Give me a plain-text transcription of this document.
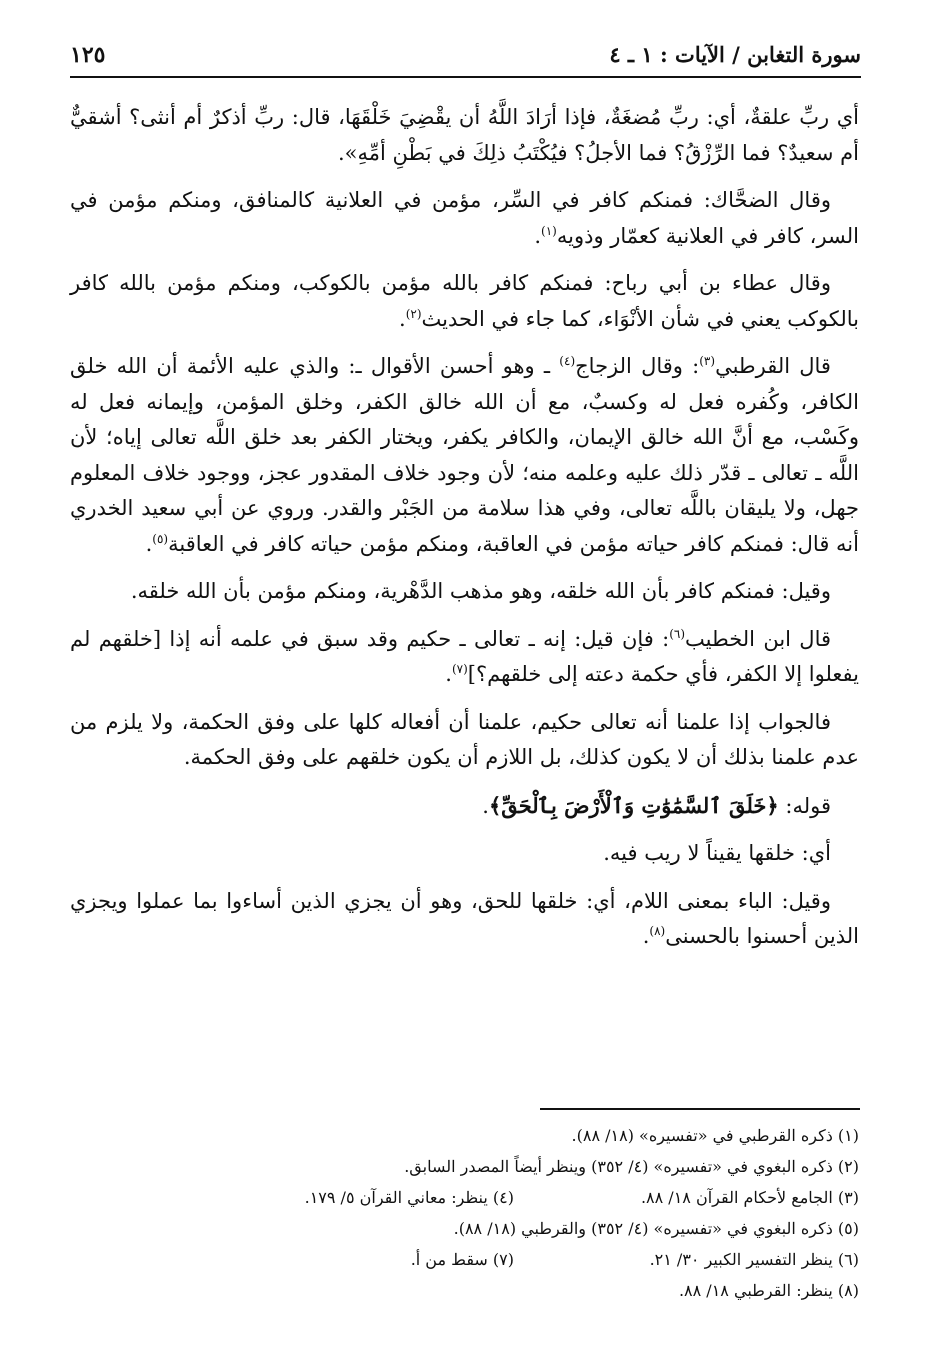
سورة التغابن / الآيات : ١ ـ ٤
١٢٥

أي ربِّ علقةٌ، أي: ربِّ مُضغَةٌ، فإذا أرَادَ اللَّهُ أن يقْضِيَ خَلْقَهَا، قال: ربِّ أذكرٌ أم أنثى؟ أشقيٌّ أم سعيدٌ؟ فما الرِّزْقُ؟ فما الأجلُ؟ فيُكْتَبُ ذلِكَ في بَطْنِ أمِّهِ».

وقال الضحَّاك: فمنكم كافر في السِّر، مؤمن في العلانية كالمنافق، ومنكم مؤمن في السر، كافر في العلانية كعمّار وذويه$^{(١)}$.

وقال عطاء بن أبي رباح: فمنكم كافر بالله مؤمن بالكوكب، ومنكم مؤمن بالله كافر بالكوكب يعني في شأن الأنْوَاء، كما جاء في الحديث$^{(٢)}$.

قال القرطبي$^{(٣)}$: وقال الزجاج$^{(٤)}$ ـ وهو أحسن الأقوال ـ: والذي عليه الأئمة أن الله خلق الكافر، وكُفره فعل له وكسبٌ، مع أن الله خالق الكفر، وخلق المؤمن، وإيمانه فعل له وكَسْب، مع أنَّ الله خالق الإيمان، والكافر يكفر، ويختار الكفر بعد خلق اللَّه تعالى إياه؛ لأن اللَّه ـ تعالى ـ قدّر ذلك عليه وعلمه منه؛ لأن وجود خلاف المقدور عجز، ووجود خلاف المعلوم جهل، ولا يليقان باللَّه تعالى، وفي هذا سلامة من الجَبْر والقدر. وروي عن أبي سعيد الخدري أنه قال: فمنكم كافر حياته مؤمن في العاقبة، ومنكم مؤمن حياته كافر في العاقبة$^{(٥)}$.

وقيل: فمنكم كافر بأن الله خلقه، وهو مذهب الدَّهْرية، ومنكم مؤمن بأن الله خلقه.

قال ابن الخطيب$^{(٦)}$: فإن قيل: إنه ـ تعالى ـ حكيم وقد سبق في علمه أنه إذا [خلقهم لم يفعلوا إلا الكفر، فأي حكمة دعته إلى خلقهم؟]$^{(٧)}$.

فالجواب إذا علمنا أنه تعالى حكيم، علمنا أن أفعاله كلها على وفق الحكمة، ولا يلزم من عدم علمنا بذلك أن لا يكون كذلك، بل اللازم أن يكون خلقهم على وفق الحكمة.

قوله: ﴿خَلَقَ ٱلسَّمَٰوَٰتِ وَٱلْأَرْضَ بِٱلْحَقِّ﴾.

أي: خلقها يقيناً لا ريب فيه.

وقيل: الباء بمعنى اللام، أي: خلقها للحق، وهو أن يجزي الذين أساءوا بما عملوا ويجزي الذين أحسنوا بالحسنى$^{(٨)}$.

(١) ذكره القرطبي في «تفسيره» (١٨/ ٨٨).
(٢) ذكره البغوي في «تفسيره» (٤/ ٣٥٢) وينظر أيضاً المصدر السابق.
(٣) الجامع لأحكام القرآن ١٨/ ٨٨.
(٤) ينظر: معاني القرآن ٥/ ١٧٩.
(٥) ذكره البغوي في «تفسيره» (٤/ ٣٥٢) والقرطبي (١٨/ ٨٨).
(٦) ينظر التفسير الكبير ٣٠/ ٢١.
(٧) سقط من أ.
(٨) ينظر: القرطبي ١٨/ ٨٨.
